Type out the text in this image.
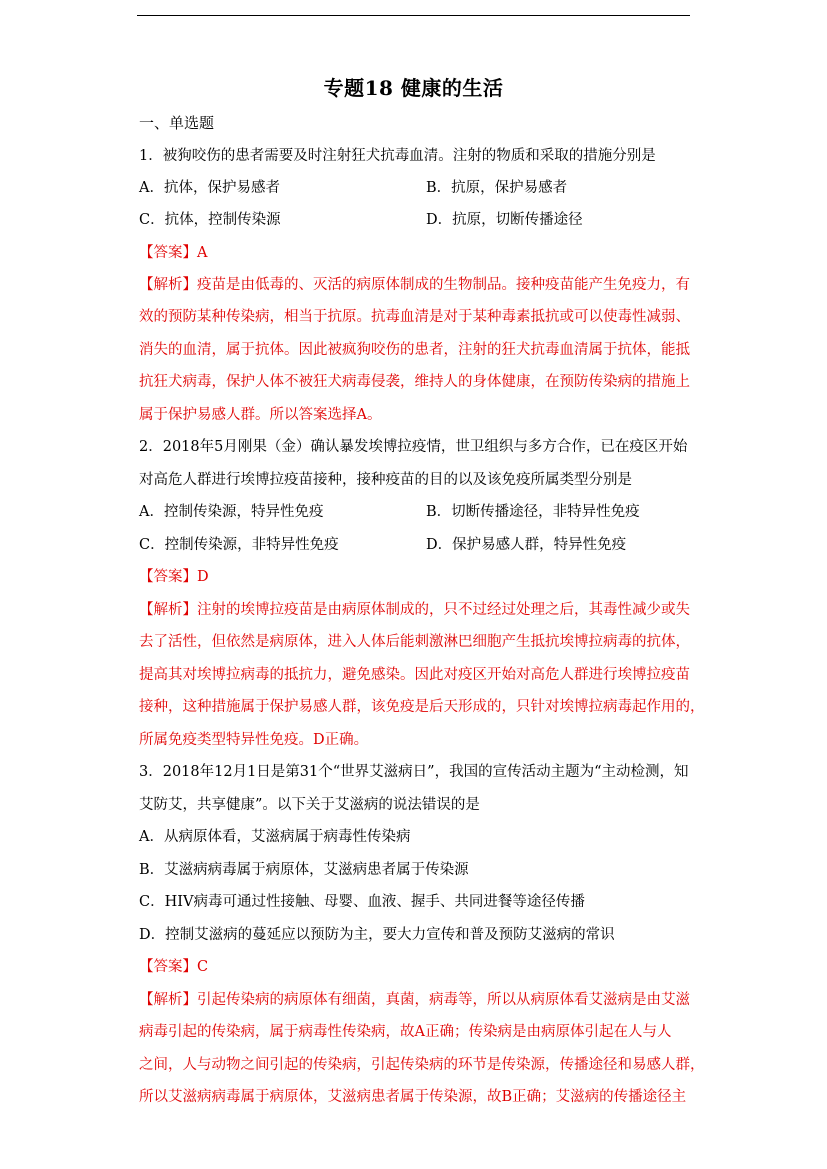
专题18 健康的生活
一、单选题
1．被狗咬伤的患者需要及时注射狂犬抗毒血清。注射的物质和采取的措施分别是
A．抗体，保护易感者	B．抗原，保护易感者
C．抗体，控制传染源	D．抗原，切断传播途径
【答案】A
【解析】疫苗是由低毒的、灭活的病原体制成的生物制品。接种疫苗能产生免疫力，有
效的预防某种传染病，相当于抗原。抗毒血清是对于某种毒素抵抗或可以使毒性减弱、
消失的血清，属于抗体。因此被疯狗咬伤的患者，注射的狂犬抗毒血清属于抗体，能抵
抗狂犬病毒，保护人体不被狂犬病毒侵袭，维持人的身体健康，在预防传染病的措施上
属于保护易感人群。所以答案选择A。
2．2018年5月刚果（金）确认暴发埃博拉疫情，世卫组织与多方合作，已在疫区开始
对高危人群进行埃博拉疫苗接种，接种疫苗的目的以及该免疫所属类型分别是
A．控制传染源，特异性免疫	B．切断传播途径，非特异性免疫
C．控制传染源，非特异性免疫	D．保护易感人群，特异性免疫
【答案】D
【解析】注射的埃博拉疫苗是由病原体制成的，只不过经过处理之后，其毒性减少或失
去了活性，但依然是病原体，进入人体后能刺激淋巴细胞产生抵抗埃博拉病毒的抗体，
提高其对埃博拉病毒的抵抗力，避免感染。因此对疫区开始对高危人群进行埃博拉疫苗
接种，这种措施属于保护易感人群，该免疫是后天形成的，只针对埃博拉病毒起作用的，
所属免疫类型特异性免疫。D正确。
3．2018年12月1日是第31个“世界艾滋病日”，我国的宣传活动主题为“主动检测，知
艾防艾，共享健康”。以下关于艾滋病的说法错误的是
A．从病原体看，艾滋病属于病毒性传染病
B．艾滋病病毒属于病原体，艾滋病患者属于传染源
C．HIV病毒可通过性接触、母婴、血液、握手、共同进餐等途径传播
D．控制艾滋病的蔓延应以预防为主，要大力宣传和普及预防艾滋病的常识
【答案】C
【解析】引起传染病的病原体有细菌，真菌，病毒等，所以从病原体看艾滋病是由艾滋
病毒引起的传染病，属于病毒性传染病，故A正确；传染病是由病原体引起在人与人
之间，人与动物之间引起的传染病，引起传染病的环节是传染源，传播途径和易感人群，
所以艾滋病病毒属于病原体，艾滋病患者属于传染源，故B正确；艾滋病的传播途径主
